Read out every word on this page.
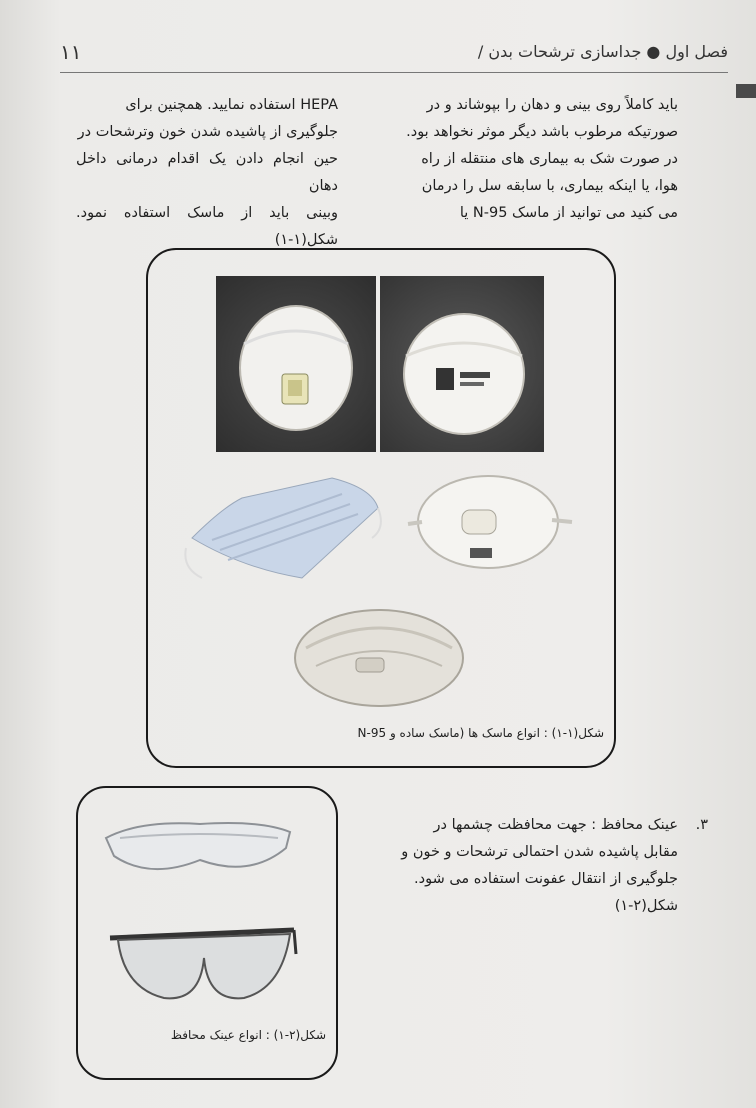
فصل اول ● جداسازی ترشحات بدن /
۱۱

باید کاملاً روی بینی و دهان را بپوشاند و در

صورتیکه مرطوب باشد دیگر موثر نخواهد بود.

در صورت شک به بیماری های منتقله از راه

هوا، یا اینکه بیماری، با سابقه سل را درمان

می کنید می توانید از ماسک N-95 یا

HEPA استفاده نمایید. همچنین برای

جلوگیری از پاشیده شدن خون وترشحات در

حین انجام دادن یک اقدام درمانی داخل دهان

وبینی باید از ماسک استفاده نمود. شکل(۱-۱)

شکل(۱-۱) : انواع ماسک ها (ماسک ساده و N-95
۳.

عینک محافظ : جهت محافظت چشمها در

مقابل پاشیده شدن احتمالی ترشحات و خون و

جلوگیری از انتقال عفونت استفاده می شود.

شکل(۲-۱)

شکل(۲-۱) : انواع عینک محافظ
